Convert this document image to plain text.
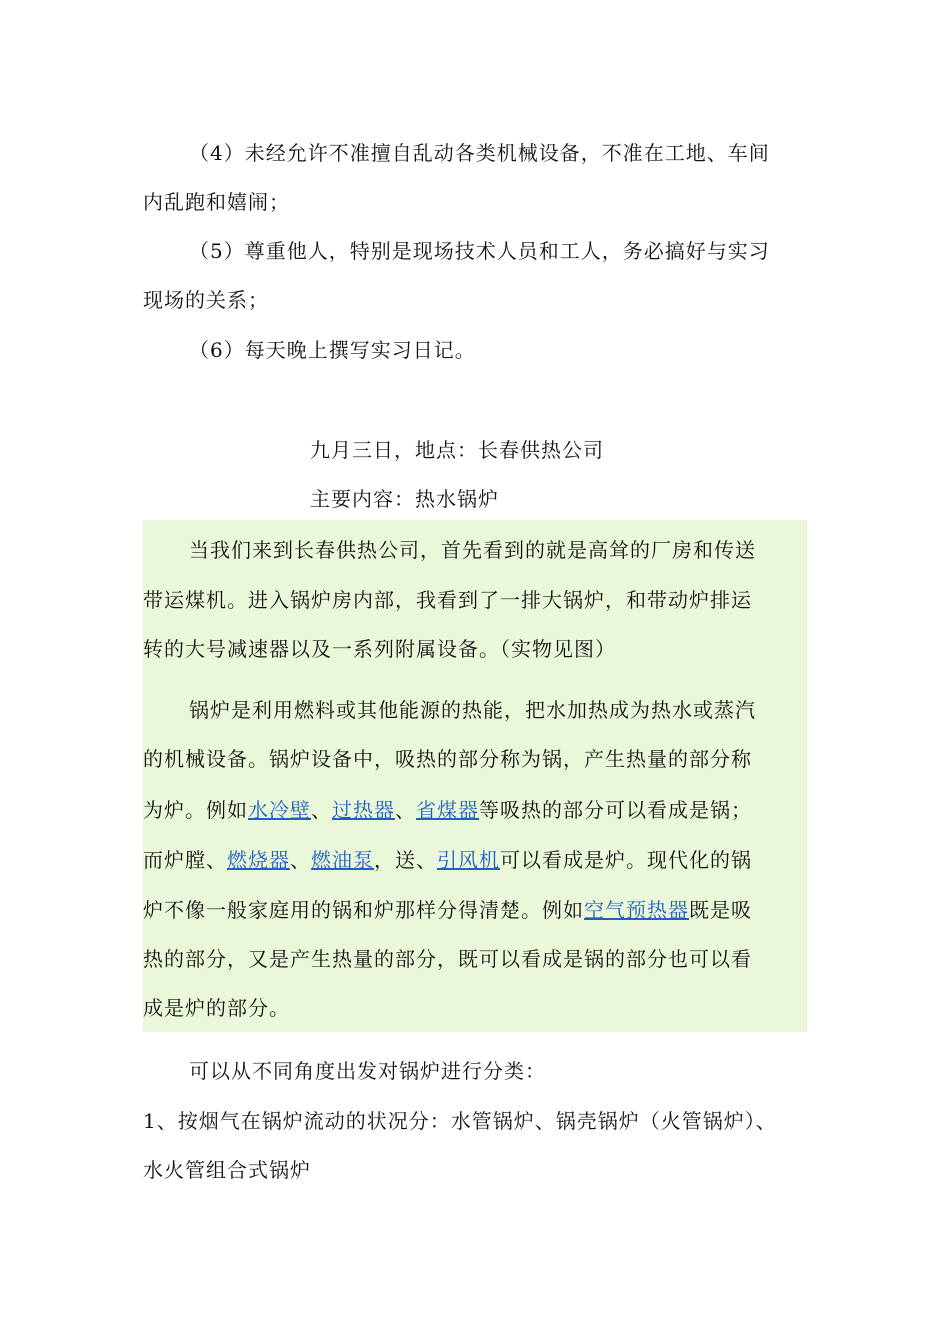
（4）未经允许不准擅自乱动各类机械设备，不准在工地、车间
内乱跑和嬉闹；
（5）尊重他人，特别是现场技术人员和工人，务必搞好与实习
现场的关系；
（6）每天晚上撰写实习日记。
九月三日，地点：长春供热公司
主要内容：热水锅炉
当我们来到长春供热公司，首先看到的就是高耸的厂房和传送
带运煤机。进入锅炉房内部，我看到了一排大锅炉，和带动炉排运
转的大号减速器以及一系列附属设备。（实物见图）
锅炉是利用燃料或其他能源的热能，把水加热成为热水或蒸汽
的机械设备。锅炉设备中，吸热的部分称为锅，产生热量的部分称
为炉。例如水冷壁、过热器、省煤器等吸热的部分可以看成是锅；
而炉膛、燃烧器、燃油泵，送、引风机可以看成是炉。现代化的锅
炉不像一般家庭用的锅和炉那样分得清楚。例如空气预热器既是吸
热的部分，又是产生热量的部分，既可以看成是锅的部分也可以看
成是炉的部分。
可以从不同角度出发对锅炉进行分类：
1、按烟气在锅炉流动的状况分：水管锅炉、锅壳锅炉（火管锅炉）、
水火管组合式锅炉
